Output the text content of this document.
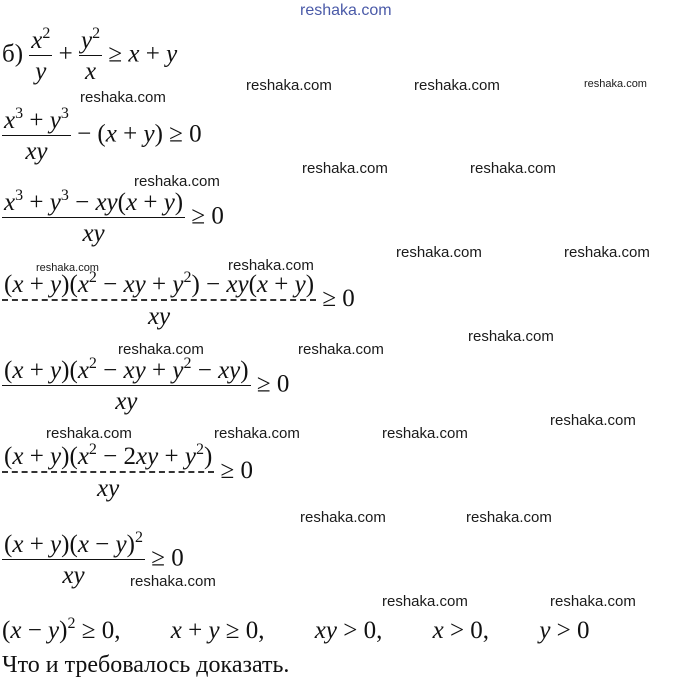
reshaka.com
reshaka.com
reshaka.com	reshaka.com	reshaka.com
reshaka.com	reshaka.com
reshaka.com
reshaka.com	reshaka.com
reshaka.com	reshaka.com
reshaka.com
reshaka.com	reshaka.com
reshaka.com
reshaka.com	reshaka.com	reshaka.com
reshaka.com	reshaka.com
reshaka.com
reshaka.com	reshaka.com
$б) \frac{x^2}{y} + \frac{y^2}{x} \ge x + y$
$\frac{x^3 + y^3}{xy} - (x + y) \ge 0$
$\frac{x^3 + y^3 - xy(x + y)}{xy} \ge 0$
$\frac{(x + y)(x^2 - xy + y^2) - xy(x + y)}{xy} \ge 0$
$\frac{(x + y)(x^2 - xy + y^2 - xy)}{xy} \ge 0$
$\frac{(x + y)(x^2 - 2xy + y^2)}{xy} \ge 0$
$\frac{(x + y)(x - y)^2}{xy} \ge 0$
$(x - y)^2 \ge 0$, x + y ≥ 0, xy > 0, x > 0, y > 0
Что и требовалось доказать.
